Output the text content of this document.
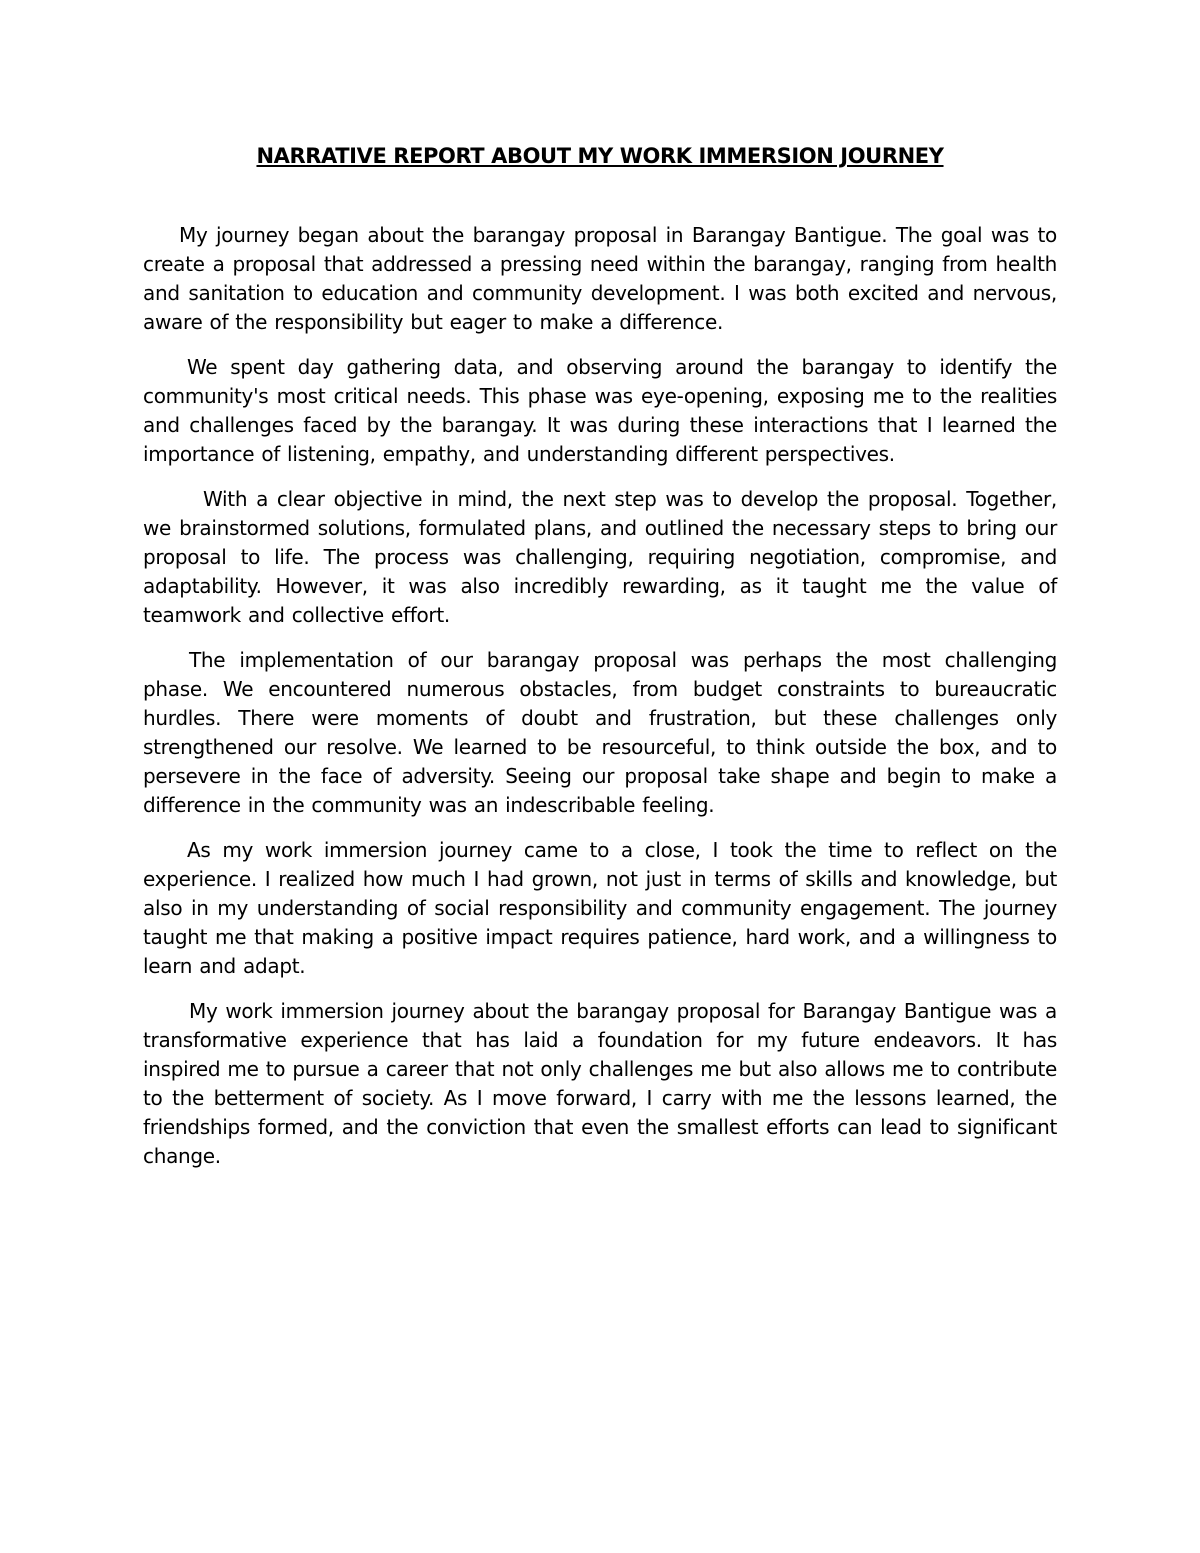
NARRATIVE REPORT ABOUT MY WORK IMMERSION JOURNEY

My journey began about the barangay proposal in Barangay Bantigue. The goal was to create a proposal that addressed a pressing need within the barangay, ranging from health and sanitation to education and community development. I was both excited and nervous, aware of the responsibility but eager to make a difference.

We spent day gathering data, and observing around the barangay to identify the community's most critical needs. This phase was eye-opening, exposing me to the realities and challenges faced by the barangay. It was during these interactions that I learned the importance of listening, empathy, and understanding different perspectives.

With a clear objective in mind, the next step was to develop the proposal. Together, we brainstormed solutions, formulated plans, and outlined the necessary steps to bring our proposal to life. The process was challenging, requiring negotiation, compromise, and adaptability. However, it was also incredibly rewarding, as it taught me the value of teamwork and collective effort.

The implementation of our barangay proposal was perhaps the most challenging phase. We encountered numerous obstacles, from budget constraints to bureaucratic hurdles. There were moments of doubt and frustration, but these challenges only strengthened our resolve. We learned to be resourceful, to think outside the box, and to persevere in the face of adversity. Seeing our proposal take shape and begin to make a difference in the community was an indescribable feeling.

As my work immersion journey came to a close, I took the time to reflect on the experience. I realized how much I had grown, not just in terms of skills and knowledge, but also in my understanding of social responsibility and community engagement. The journey taught me that making a positive impact requires patience, hard work, and a willingness to learn and adapt.

My work immersion journey about the barangay proposal for Barangay Bantigue was a transformative experience that has laid a foundation for my future endeavors. It has inspired me to pursue a career that not only challenges me but also allows me to contribute to the betterment of society. As I move forward, I carry with me the lessons learned, the friendships formed, and the conviction that even the smallest efforts can lead to significant change.
